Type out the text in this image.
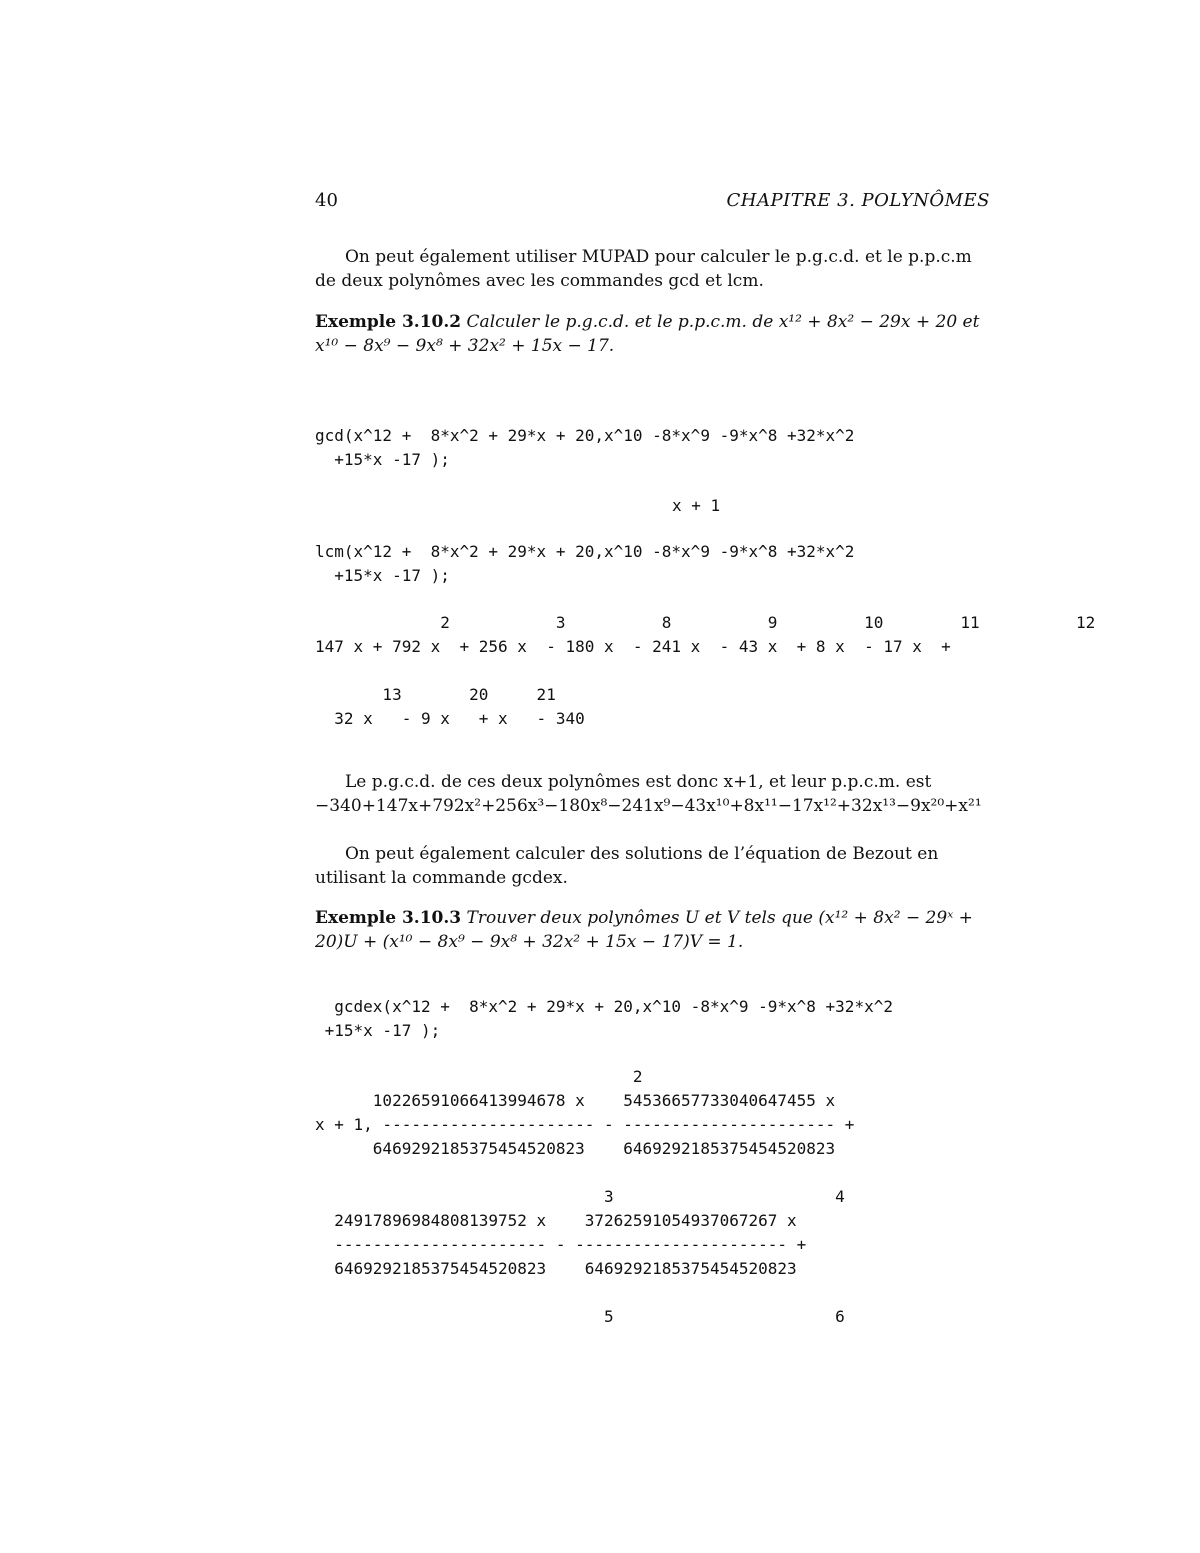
40	CHAPITRE 3. POLYNÔMES
On peut également utiliser MUPAD pour calculer le p.g.c.d. et le p.p.c.m de deux polynômes avec les commandes gcd et lcm.
Exemple 3.10.2 Calculer le p.g.c.d. et le p.p.c.m. de x¹² + 8x² − 29x + 20 et x¹⁰ − 8x⁹ − 9x⁸ + 32x² + 15x − 17.
gcd(x^12 +  8*x^2 + 29*x + 20,x^10 -8*x^9 -9*x^8 +32*x^2
+15*x -17 );
x + 1
lcm(x^12 +  8*x^2 + 29*x + 20,x^10 -8*x^9 -9*x^8 +32*x^2
+15*x -17 );
2           3          8          9         10        11          12
147 x + 792 x  + 256 x  - 180 x  - 241 x  - 43 x  + 8 x  - 17 x  +

13       20     21
32 x   - 9 x   + x   - 340
Le p.g.c.d. de ces deux polynômes est donc x+1, et leur p.p.c.m. est −340+147x+792x²+256x³−180x⁸−241x⁹−43x¹⁰+8x¹¹−17x¹²+32x¹³−9x²⁰+x²¹
On peut également calculer des solutions de l’équation de Bezout en utilisant la commande gcdex.
Exemple 3.10.3 Trouver deux polynômes U et V tels que (x¹² + 8x² − 29ˣ + 20)U + (x¹⁰ − 8x⁹ − 9x⁸ + 32x² + 15x − 17)V = 1.
gcdex(x^12 +  8*x^2 + 29*x + 20,x^10 -8*x^9 -9*x^8 +32*x^2
+15*x -17 );
2
10226591066413994678 x    54536657733040647455 x
x + 1, ---------------------- - ---------------------- +
6469292185375454520823    6469292185375454520823

3                       4
24917896984808139752 x    37262591054937067267 x
---------------------- - ---------------------- +
6469292185375454520823    6469292185375454520823

5                       6
